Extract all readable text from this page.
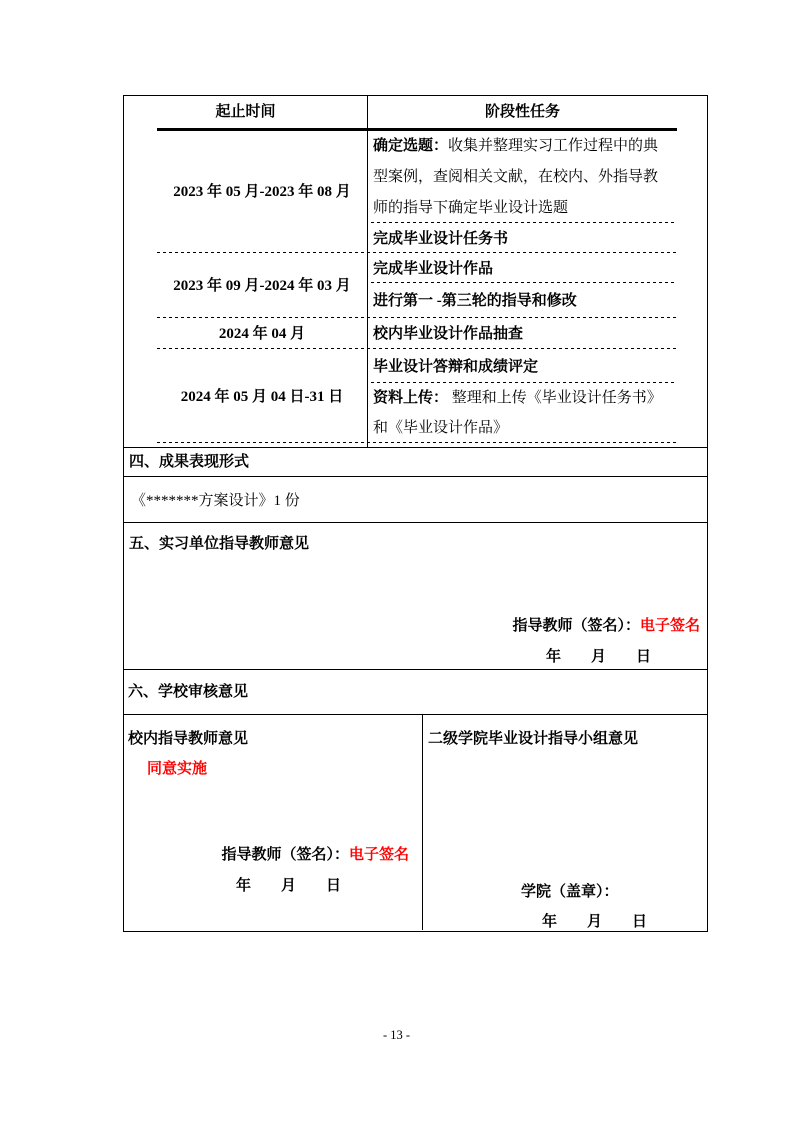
起止时间	阶段性任务
2023 年 05 月-2023 年 08 月
2023 年 09 月-2024 年 03 月
2024 年 04 月
2024 年 05 月 04 日-31 日

确定选题：收集并整理实习工作过程中的典型案例，查阅相关文献，在校内、外指导教师的指导下确定毕业设计选题

完成毕业设计任务书
完成毕业设计作品
进行第一 -第三轮的指导和修改
校内毕业设计作品抽查
毕业设计答辩和成绩评定

资料上传： 整理和上传《毕业设计任务书》和《毕业设计作品》

四、成果表现形式
《*******方案设计》1 份
五、实习单位指导教师意见
指导教师（签名）：电子签名
年　　月　　日
六、学校审核意见
校内指导教师意见
同意实施
指导教师（签名）：电子签名
年　　月　　日
二级学院毕业设计指导小组意见
学院（盖章）：
年　　月　　日
- 13 -
